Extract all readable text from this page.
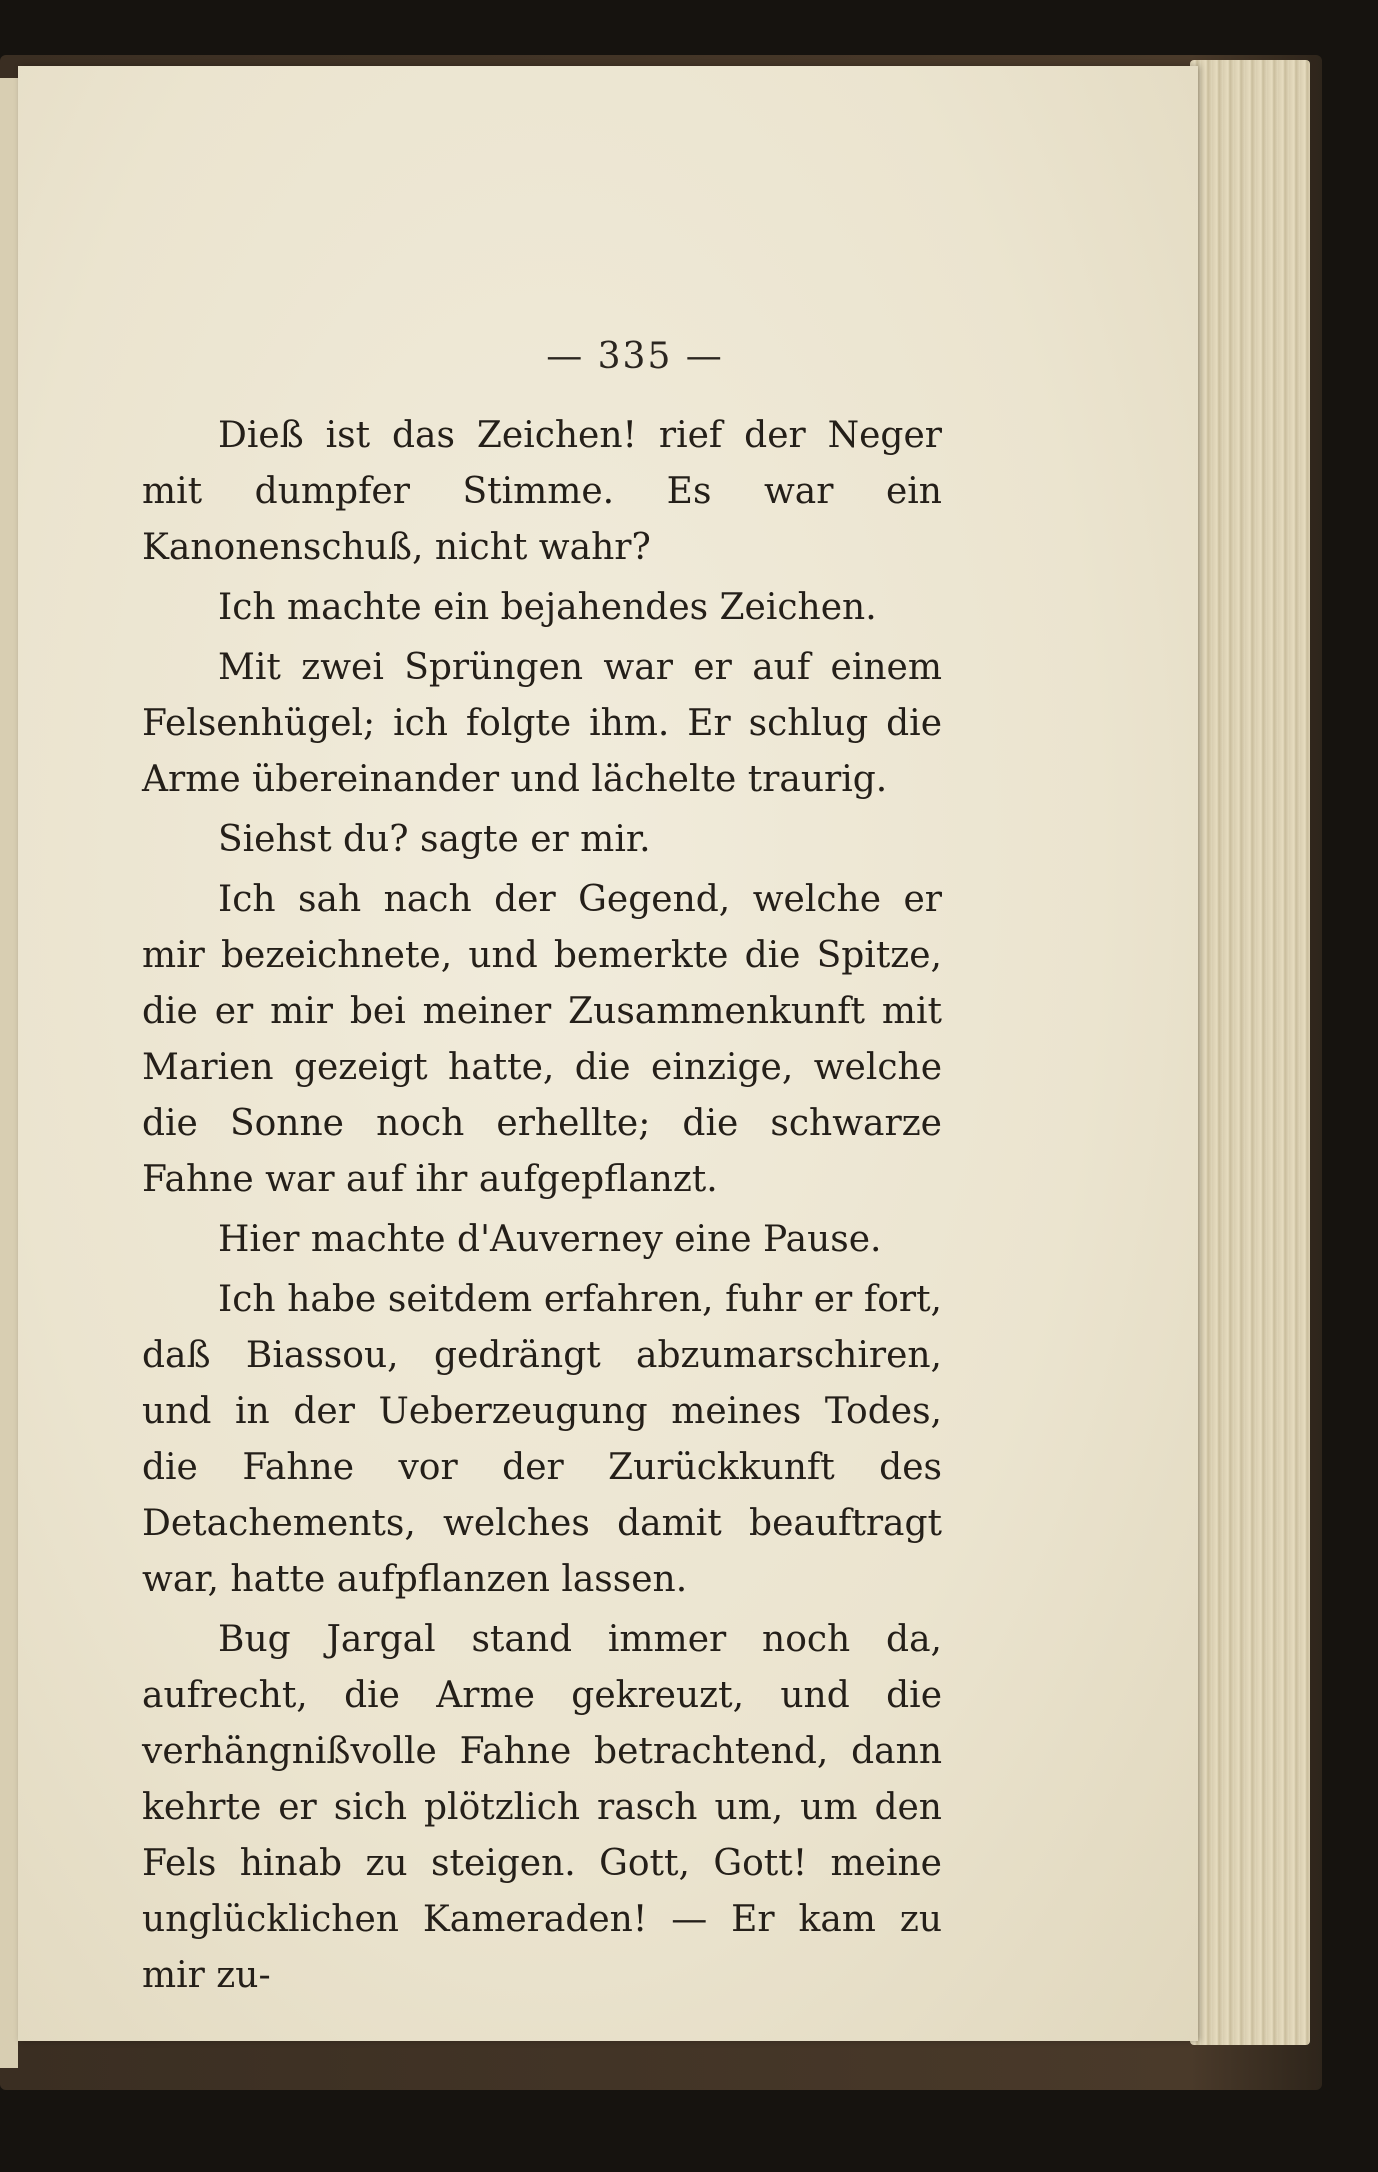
— 335 —

Dieß ist das Zeichen! rief der Neger mit dumpfer Stimme. Es war ein Kanonenschuß, nicht wahr?

Ich machte ein bejahendes Zeichen.

Mit zwei Sprüngen war er auf einem Felsenhügel; ich folgte ihm. Er schlug die Arme übereinander und lächelte traurig.

Siehst du? sagte er mir.

Ich sah nach der Gegend, welche er mir bezeichnete, und bemerkte die Spitze, die er mir bei meiner Zusammenkunft mit Marien gezeigt hatte, die einzige, welche die Sonne noch erhellte; die schwarze Fahne war auf ihr aufgepflanzt.

Hier machte d'Auverney eine Pause.

Ich habe seitdem erfahren, fuhr er fort, daß Biassou, gedrängt abzumarschiren, und in der Ueberzeugung meines Todes, die Fahne vor der Zurückkunft des Detachements, welches damit beauftragt war, hatte aufpflanzen lassen.

Bug Jargal stand immer noch da, aufrecht, die Arme gekreuzt, und die verhängnißvolle Fahne betrachtend, dann kehrte er sich plötzlich rasch um, um den Fels hinab zu steigen. Gott, Gott! meine unglücklichen Kameraden! — Er kam zu mir zu-
